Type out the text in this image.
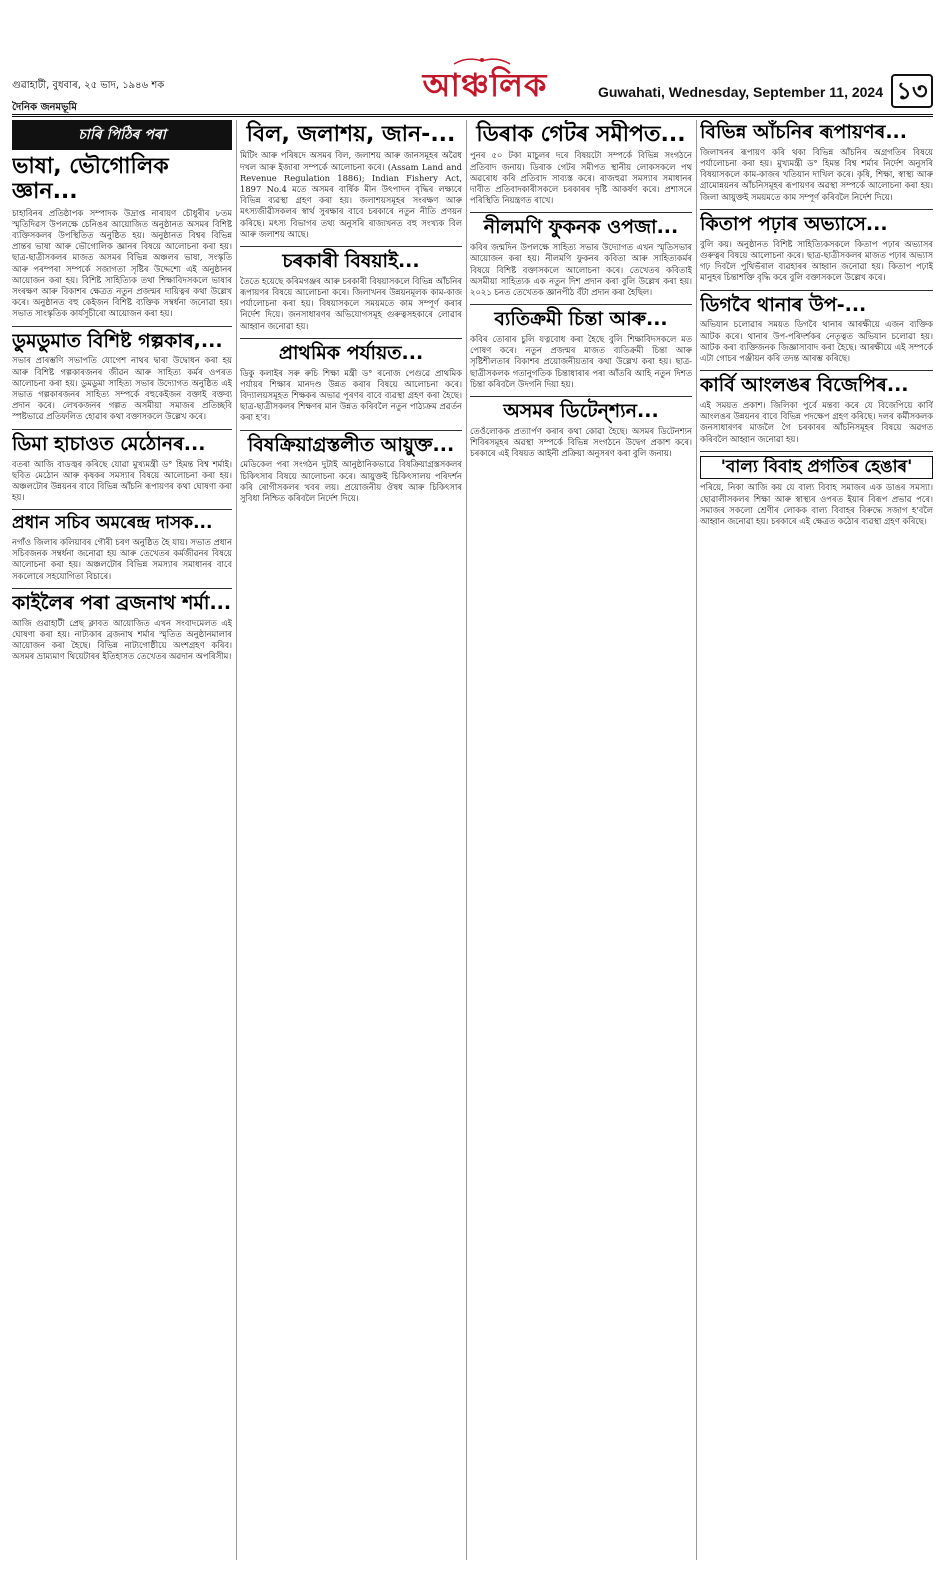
গুৱাহাটী, বুধবাৰ, ২৫ ভাদ, ১৯৪৬ শক
দৈনিক জনমভূমি
আঞ্চলিক	Guwahati, Wednesday, September 11, 2024 ১৩
চাৰি পিঠিৰ পৰা
ভাষা, ভৌগোলিক জ্ঞান...
চাহাবিনৰ প্ৰতিষ্ঠাপক সম্পাদক উদ্ৰাপ্ত নাৰায়ণ চৌধুৰীৰ ৮তম স্মৃতিদিৱস উপলক্ষে চেনিঙৰ আয়োজিত অনুষ্ঠানত অসমৰ বিশিষ্ট ব্যক্তিসকলৰ উপস্থিতিত অনুষ্ঠিত হয়। অনুষ্ঠানত বিশ্বৰ বিভিন্ন প্ৰান্তৰ ভাষা আৰু ভৌগোলিক জ্ঞানৰ বিষয়ে আলোচনা কৰা হয়। ছাত্ৰ-ছাত্ৰীসকলৰ মাজত অসমৰ বিভিন্ন অঞ্চলৰ ভাষা, সংস্কৃতি আৰু পৰম্পৰা সম্পৰ্কে সজাগতা সৃষ্টিৰ উদ্দেশ্যে এই অনুষ্ঠানৰ আয়োজন কৰা হয়। বিশিষ্ট সাহিত্যিক তথা শিক্ষাবিদসকলে ভাষাৰ সংৰক্ষণ আৰু বিকাশৰ ক্ষেত্ৰত নতুন প্ৰজন্মৰ দায়িত্বৰ কথা উল্লেখ কৰে। অনুষ্ঠানত বহু কেইজন বিশিষ্ট ব্যক্তিক সম্বৰ্ধনা জনোৱা হয়। সভাত সাংস্কৃতিক কাৰ্যসূচীৰো আয়োজন কৰা হয়।
ডুমডুমাত বিশিষ্ট গল্পকাৰ,...
সভাৰ প্ৰাৰম্ভণি সভাপতি যোগেশ নাথৰ দ্বাৰা উদ্বোধন কৰা হয় আৰু বিশিষ্ট গল্পকাৰজনৰ জীৱন আৰু সাহিত্য কৰ্মৰ ওপৰত আলোচনা কৰা হয়। ডুমডুমা সাহিত্য সভাৰ উদ্যোগত অনুষ্ঠিত এই সভাত গল্পকাৰজনৰ সাহিত্য সম্পৰ্কে বহুকেইজন বক্তাই বক্তব্য প্ৰদান কৰে। লেখকজনৰ গল্পত অসমীয়া সমাজৰ প্ৰতিচ্ছবি স্পষ্টভাৱে প্ৰতিফলিত হোৱাৰ কথা বক্তাসকলে উল্লেখ কৰে।
ডিমা হাচাওত মেঠোনৰ...
বতৰা আজি বাডজ্বৰ কৰিছে যোৱা মুখ্যমন্ত্ৰী ড° হিমন্ত বিশ্ব শৰ্মাই। ছবিত মেঠোন আৰু কৃষকৰ সমস্যাৰ বিষয়ে আলোচনা কৰা হয়। অঞ্চলটোৰ উন্নয়নৰ বাবে বিভিন্ন আঁচনি ৰূপায়ণৰ কথা ঘোষণা কৰা হয়।
প্ৰধান সচিব অমৰেন্দ্ৰ দাসক...
নগাঁও জিলাৰ কলিয়াবৰ গৌৰী চৰণ অনুষ্ঠিত হৈ যায়। সভাত প্ৰধান সচিবজনক সম্বৰ্ধনা জনোৱা হয় আৰু তেখেতৰ কৰ্মজীৱনৰ বিষয়ে আলোচনা কৰা হয়। অঞ্চলটোৰ বিভিন্ন সমস্যাৰ সমাধানৰ বাবে সকলোৰে সহযোগিতা বিচাৰে।
কাইলৈৰ পৰা ব্ৰজনাথ শৰ্মা...
আজি গুৱাহাটী প্ৰেছ ক্লাবত আয়োজিত এখন সংবাদমেলত এই ঘোষণা কৰা হয়। নাট্যকাৰ ব্ৰজনাথ শৰ্মাৰ স্মৃতিত অনুষ্ঠানমালাৰ আয়োজন কৰা হৈছে। বিভিন্ন নাট্যগোষ্ঠীয়ে অংশগ্ৰহণ কৰিব। অসমৰ ভ্ৰাম্যমাণ থিয়েটাৰৰ ইতিহাসত তেখেতৰ অৱদান অপৰিসীম।
বিল, জলাশয়, জান-...
মিটিং আৰু পৰিষদে অসমৰ বিল, জলাশয় আৰু জানসমূহৰ অৱৈধ দখল আৰু ইজাৰা সম্পৰ্কে আলোচনা কৰে। (Assam Land and Revenue Regulation 1886); Indian Fishery Act, 1897 No.4 মতে অসমৰ বাৰ্ষিক মীন উৎপাদন বৃদ্ধিৰ লক্ষ্যৰে বিভিন্ন ব্যৱস্থা গ্ৰহণ কৰা হয়। জলাশয়সমূহৰ সংৰক্ষণ আৰু মৎস্যজীৱীসকলৰ স্বাৰ্থ সুৰক্ষাৰ বাবে চৰকাৰে নতুন নীতি প্ৰণয়ন কৰিছে। মৎস্য বিভাগৰ তথ্য অনুসৰি ৰাজ্যখনত বহু সংখ্যক বিল আৰু জলাশয় আছে।
চৰকাৰী বিষয়াই...
তৈতে হয়েছে কৰিমগঞ্জৰ আৰু চৰকাৰী বিষয়াসকলে বিভিন্ন আঁচনিৰ ৰূপায়ণৰ বিষয়ে আলোচনা কৰে। জিলাখনৰ উন্নয়নমূলক কাম-কাজ পৰ্যালোচনা কৰা হয়। বিষয়াসকলে সময়মতে কাম সম্পূৰ্ণ কৰাৰ নিৰ্দেশ দিয়ে। জনসাধাৰণৰ অভিযোগসমূহ গুৰুত্বসহকাৰে লোৱাৰ আহ্বান জনোৱা হয়।
প্ৰাথমিক পৰ্যায়ত...
ডিকু কলাইৰ সৰু ৰুচি শিক্ষা মন্ত্ৰী ড° ৰনোজ পেগুৱে প্ৰাথমিক পৰ্যায়ৰ শিক্ষাৰ মানদণ্ড উন্নত কৰাৰ বিষয়ে আলোচনা কৰে। বিদ্যালয়সমূহত শিক্ষকৰ অভাৱ পূৰণৰ বাবে ব্যৱস্থা গ্ৰহণ কৰা হৈছে। ছাত্ৰ-ছাত্ৰীসকলৰ শিক্ষণৰ মান উন্নত কৰিবলৈ নতুন পাঠ্যক্ৰম প্ৰৱৰ্তন কৰা হ'ব।
বিষক্ৰিয়াগ্ৰস্তলীত আয়ুক্ত...
মেডিকেল পৰা সংগঠন দুটাই আনুষ্ঠানিকভাৱে বিষক্ৰিয়াগ্ৰস্তসকলৰ চিকিৎসাৰ বিষয়ে আলোচনা কৰে। আয়ুক্তই চিকিৎসালয় পৰিদৰ্শন কৰি ৰোগীসকলৰ খবৰ লয়। প্ৰয়োজনীয় ঔষধ আৰু চিকিৎসাৰ সুবিধা নিশ্চিত কৰিবলৈ নিৰ্দেশ দিয়ে।
ডিৰাক গেটৰ সমীপত...
পুনৰ ৫০ টকা মাচুলৰ দৰে বিষয়টো সম্পৰ্কে বিভিন্ন সংগঠনে প্ৰতিবাদ জনায়। ডিৰাক গেটৰ সমীপত স্থানীয় লোকসকলে পথ অৱৰোধ কৰি প্ৰতিবাদ সাব্যস্ত কৰে। ৰাজহুৱা সমস্যাৰ সমাধানৰ দাবীত প্ৰতিবাদকাৰীসকলে চৰকাৰৰ দৃষ্টি আকৰ্ষণ কৰে। প্ৰশাসনে পৰিস্থিতি নিয়ন্ত্ৰণত ৰাখে।
নীলমণি ফুকনক ওপজা...
কবিৰ জন্মদিন উপলক্ষে সাহিত্য সভাৰ উদ্যোগত এখন স্মৃতিসভাৰ আয়োজন কৰা হয়। নীলমণি ফুকনৰ কবিতা আৰু সাহিত্যকৰ্মৰ বিষয়ে বিশিষ্ট বক্তাসকলে আলোচনা কৰে। তেখেতৰ কবিতাই অসমীয়া সাহিত্যক এক নতুন দিশ প্ৰদান কৰা বুলি উল্লেখ কৰা হয়। ২০২১ চনত তেখেতক জ্ঞানপীঠ বঁটা প্ৰদান কৰা হৈছিল।
ব্যতিক্ৰমী চিন্তা আৰু...
কবিৰ তোৰাৰ চুলি যত্নবোধ কৰা হৈছে বুলি শিক্ষাবিদসকলে মত পোষণ কৰে। নতুন প্ৰজন্মৰ মাজত ব্যতিক্ৰমী চিন্তা আৰু সৃষ্টিশীলতাৰ বিকাশৰ প্ৰয়োজনীয়তাৰ কথা উল্লেখ কৰা হয়। ছাত্ৰ-ছাত্ৰীসকলক গতানুগতিক চিন্তাধাৰাৰ পৰা আঁতৰি আহি নতুন দিশত চিন্তা কৰিবলৈ উদগনি দিয়া হয়।
অসমৰ ডিটেন্‌শ্যন...
তেওঁলোকক প্ৰত্যাৰ্পণ কৰাৰ কথা কোৱা হৈছে। অসমৰ ডিটেনশ্যন শিবিৰসমূহৰ অৱস্থা সম্পৰ্কে বিভিন্ন সংগঠনে উদ্বেগ প্ৰকাশ কৰে। চৰকাৰে এই বিষয়ত আইনী প্ৰক্ৰিয়া অনুসৰণ কৰা বুলি জনায়।
বিভিন্ন আঁচনিৰ ৰূপায়ণৰ...
জিলাখনৰ ৰূপায়ণ কৰি থকা বিভিন্ন আঁচনিৰ অগ্ৰগতিৰ বিষয়ে পৰ্যালোচনা কৰা হয়। মুখ্যমন্ত্ৰী ড° হিমন্ত বিশ্ব শৰ্মাৰ নিৰ্দেশ অনুসৰি বিষয়াসকলে কাম-কাজৰ খতিয়ান দাখিল কৰে। কৃষি, শিক্ষা, স্বাস্থ্য আৰু গ্ৰামোন্নয়নৰ আঁচনিসমূহৰ ৰূপায়ণৰ অৱস্থা সম্পৰ্কে আলোচনা কৰা হয়। জিলা আয়ুক্তই সময়মতে কাম সম্পূৰ্ণ কৰিবলৈ নিৰ্দেশ দিয়ে।
কিতাপ পঢ়াৰ অভ্যাসে...
বুলি কয়। অনুষ্ঠানত বিশিষ্ট সাহিত্যিকসকলে কিতাপ পঢ়াৰ অভ্যাসৰ গুৰুত্বৰ বিষয়ে আলোচনা কৰে। ছাত্ৰ-ছাত্ৰীসকলৰ মাজত পঢ়াৰ অভ্যাস গঢ় দিবলৈ পুথিভঁৰাল ব্যৱহাৰৰ আহ্বান জনোৱা হয়। কিতাপ পঢ়াই মানুহৰ চিন্তাশক্তি বৃদ্ধি কৰে বুলি বক্তাসকলে উল্লেখ কৰে।
ডিগবৈ থানাৰ উপ-...
অভিযান চলোৱাৰ সময়ত ডিগবৈ থানাৰ আৰক্ষীয়ে এজন ব্যক্তিক আটক কৰে। থানাৰ উপ-পৰিদৰ্শকৰ নেতৃত্বত অভিযান চলোৱা হয়। আটক কৰা ব্যক্তিজনক জিজ্ঞাসাবাদ কৰা হৈছে। আৰক্ষীয়ে এই সম্পৰ্কে এটা গোচৰ পঞ্জীয়ন কৰি তদন্ত আৰম্ভ কৰিছে।
কাৰ্বি আংলঙৰ বিজেপিৰ...
এই সময়ত প্ৰকাশ। জিলিকা পুৰ্বে মন্তব্য কৰে যে বিজেপিয়ে কাৰ্বি আংলঙৰ উন্নয়নৰ বাবে বিভিন্ন পদক্ষেপ গ্ৰহণ কৰিছে। দলৰ কৰ্মীসকলক জনসাধাৰণৰ মাজলৈ গৈ চৰকাৰৰ আঁচনিসমূহৰ বিষয়ে অৱগত কৰিবলৈ আহ্বান জনোৱা হয়।
'বাল্য বিবাহ প্ৰগতিৰ হেঙাৰ'
পৰিয়ে, নিকা আজি কয় যে বাল্য বিবাহ সমাজৰ এক ডাঙৰ সমস্যা। ছোৱালীসকলৰ শিক্ষা আৰু স্বাস্থ্যৰ ওপৰত ইয়াৰ বিৰূপ প্ৰভাৱ পৰে। সমাজৰ সকলো শ্ৰেণীৰ লোকক বাল্য বিবাহৰ বিৰুদ্ধে সজাগ হ'বলৈ আহ্বান জনোৱা হয়। চৰকাৰে এই ক্ষেত্ৰত কঠোৰ ব্যৱস্থা গ্ৰহণ কৰিছে।
